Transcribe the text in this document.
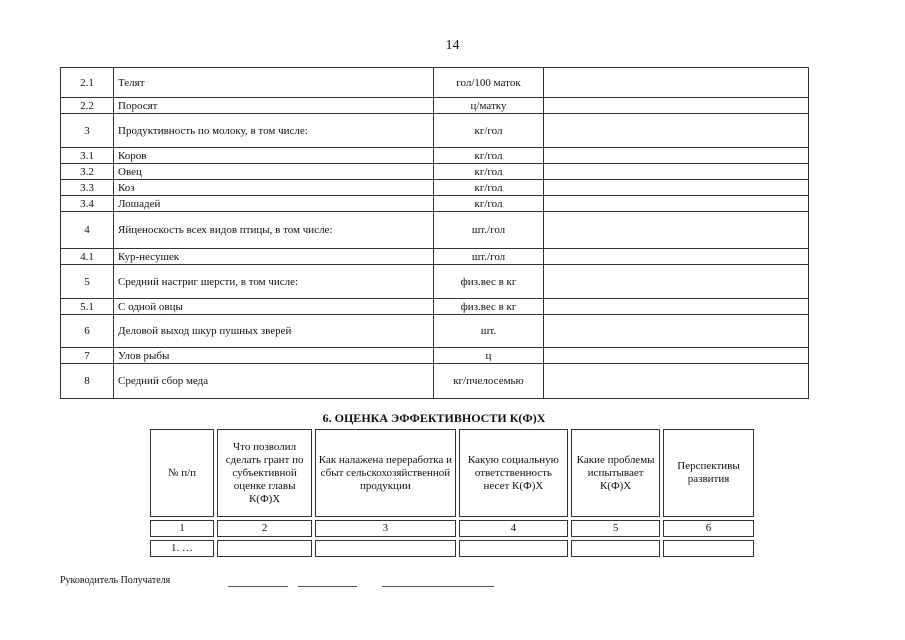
14
2.1	Телят	гол/100 маток	
2.2	Поросят	ц/матку	
3	Продуктивность по молоку, в том числе:	кг/гол	
3.1	Коров	кг/гол	
3.2	Овец	кг/гол	
3.3	Коз	кг/гол	
3.4	Лошадей	кг/гол	
4	Яйценоскость всех видов птицы, в том числе:	шт./гол	
4.1	Кур-несушек	шт./гол	
5	Средний настриг шерсти, в том числе:	физ.вес в кг	
5.1	С одной овцы	физ.вес в кг	
6	Деловой выход шкур пушных зверей	шт.	
7	Улов рыбы	ц	
8	Средний сбор меда	кг/пчелосемью	
6. ОЦЕНКА ЭФФЕКТИВНОСТИ К(Ф)Х
№ п/п	Что позволил сделать грант по субъективной оценке главы К(Ф)Х	Как налажена переработка и сбыт сельскохозяйственной продукции	Какую социальную ответственность несет К(Ф)Х	Какие проблемы испытывает К(Ф)Х	Перспективы развития
1	2	3	4	5	6
1. …					
Руководитель Получателя
